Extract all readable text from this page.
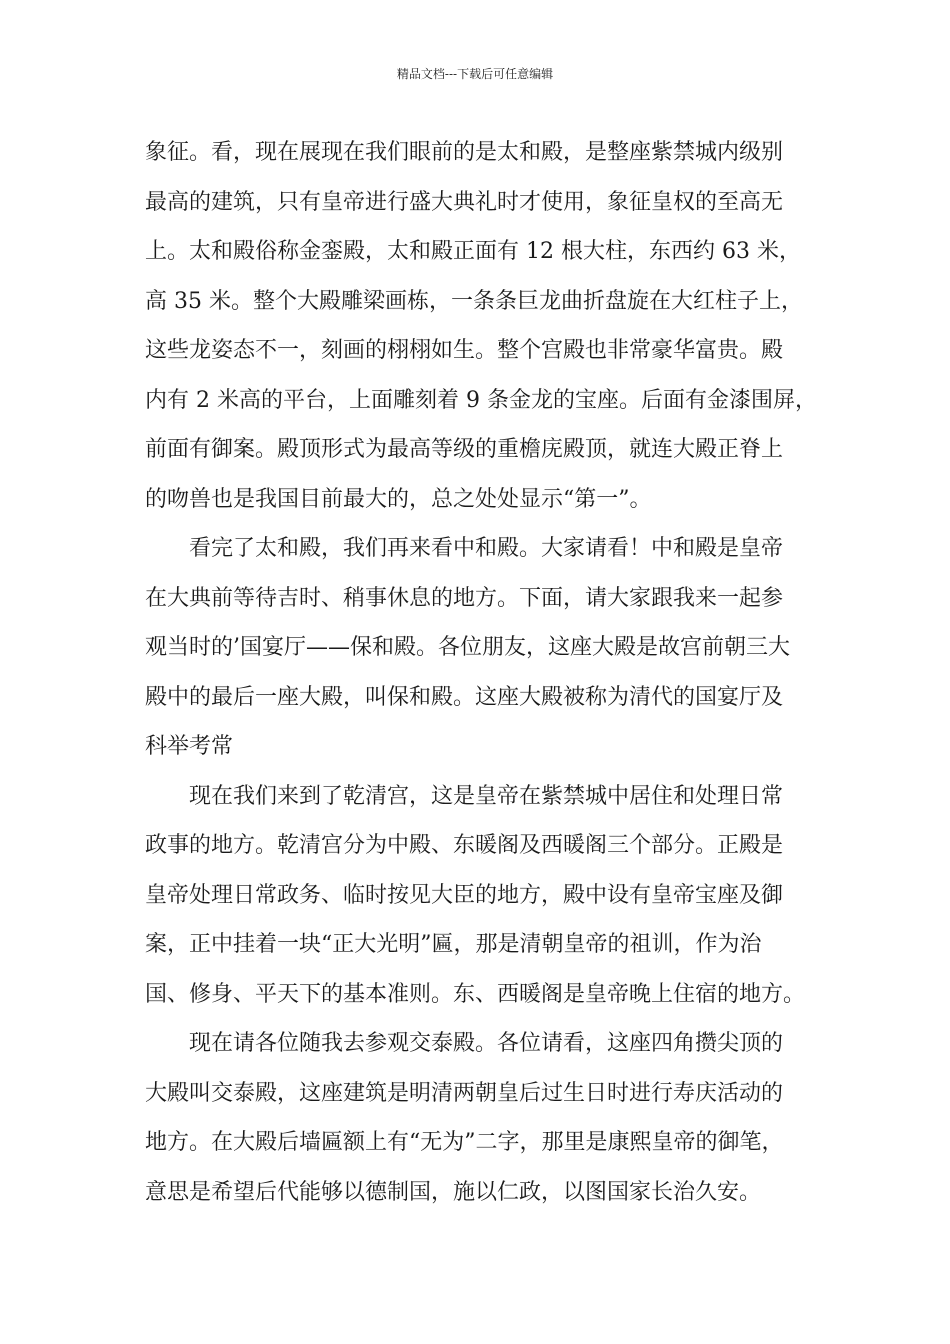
精品文档---下载后可任意编辑
象征。看，现在展现在我们眼前的是太和殿，是整座紫禁城内级别
最高的建筑，只有皇帝进行盛大典礼时才使用，象征皇权的至高无
上。太和殿俗称金銮殿，太和殿正面有 12 根大柱，东西约 63 米，
高 35 米。整个大殿雕梁画栋，一条条巨龙曲折盘旋在大红柱子上，
这些龙姿态不一，刻画的栩栩如生。整个宫殿也非常豪华富贵。殿
内有 2 米高的平台，上面雕刻着 9 条金龙的宝座。后面有金漆围屏，
前面有御案。殿顶形式为最高等级的重檐庑殿顶，就连大殿正脊上
的吻兽也是我国目前最大的，总之处处显示“第一”。
看完了太和殿，我们再来看中和殿。大家请看！中和殿是皇帝
在大典前等待吉时、稍事休息的地方。下面，请大家跟我来一起参
观当时的’国宴厅——保和殿。各位朋友，这座大殿是故宫前朝三大
殿中的最后一座大殿，叫保和殿。这座大殿被称为清代的国宴厅及
科举考常
现在我们来到了乾清宫，这是皇帝在紫禁城中居住和处理日常
政事的地方。乾清宫分为中殿、东暖阁及西暖阁三个部分。正殿是
皇帝处理日常政务、临时按见大臣的地方，殿中设有皇帝宝座及御
案，正中挂着一块“正大光明”匾，那是清朝皇帝的祖训，作为治
国、修身、平天下的基本准则。东、西暖阁是皇帝晚上住宿的地方。
现在请各位随我去参观交泰殿。各位请看，这座四角攒尖顶的
大殿叫交泰殿，这座建筑是明清两朝皇后过生日时进行寿庆活动的
地方。在大殿后墙匾额上有“无为”二字，那里是康熙皇帝的御笔，
意思是希望后代能够以德制国，施以仁政，以图国家长治久安。
